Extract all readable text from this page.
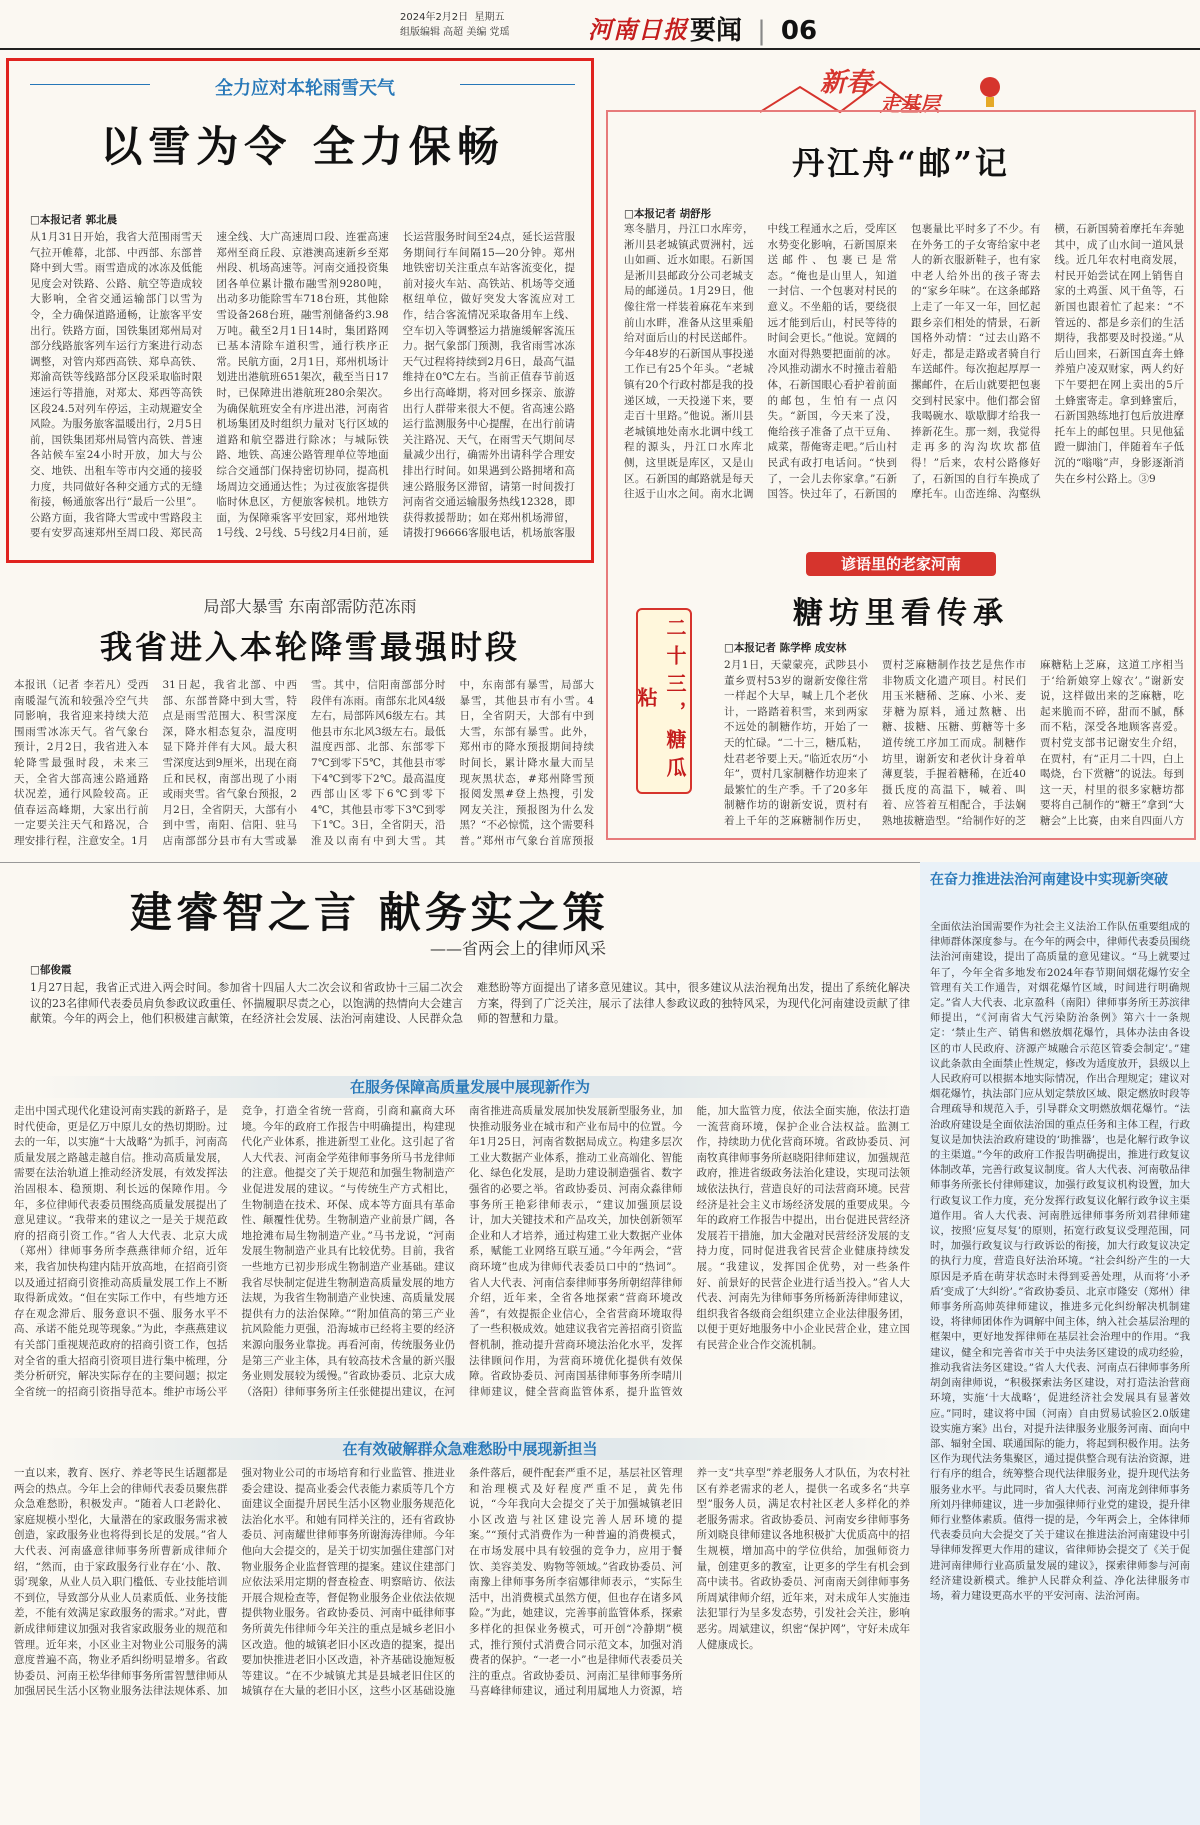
2024年2月2日 星期五
组版编辑 高超 美编 党瑶	河南日报 要闻 | 06
全力应对本轮雨雪天气
以雪为令 全力保畅
□本报记者 郭北晨
从1月31日开始，我省大范围雨雪天气拉开帷幕，北部、中西部、东部普降中到大雪。雨雪造成的冰冻及低能见度会对铁路、公路、航空等造成较大影响，全省交通运输部门以雪为令，全力确保道路通畅，让旅客平安出行。铁路方面，国铁集团郑州局对部分线路旅客列车运行方案进行动态调整，对管内郑西高铁、郑阜高铁、郑渝高铁等线路部分区段采取临时限速运行等措施，对郑太、郑西等高铁区段24.5对列车停运，主动规避安全风险。为服务旅客温暖出行，2月5日前，国铁集团郑州局管内高铁、普速各站候车室24小时开放，加大与公交、地铁、出租车等市内交通的接驳力度，共同做好各种交通方式的无缝衔接，畅通旅客出行“最后一公里”。公路方面，我省降大雪或中雪路段主要有安罗高速郑州至周口段、郑民高速全线、大广高速周口段、连霍高速郑州至商丘段、京港澳高速新乡至郑州段、机场高速等。河南交通投资集团各单位累计撒布融雪剂9280吨，出动多功能除雪车718台班，其他除雪设备268台班，融雪剂储备约3.98万吨。截至2月1日14时，集团路网已基本清除车道积雪，通行秩序正常。民航方面，2月1日，郑州机场计划进出港航班651架次，截至当日17时，已保障进出港航班280余架次。为确保航班安全有序进出港，河南省机场集团及时组织力量对飞行区域的道路和航空器进行除冰；与城际铁路、地铁、高速公路管理单位等地面综合交通部门保持密切协同，提高机场周边交通通达性；为过夜旅客提供临时休息区，方便旅客候机。地铁方面，为保障乘客平安回家，郑州地铁1号线、2号线、5号线2月4日前，延长运营服务时间至24点，延长运营服务期间行车间隔15—20分钟。郑州地铁密切关注重点车站客流变化，提前对接火车站、高铁站、机场等交通枢纽单位，做好突发大客流应对工作，结合客流情况采取备用车上线、空车切入等调整运力措施缓解客流压力。据气象部门预测，我省雨雪冰冻天气过程将持续到2月6日，最高气温维持在0℃左右。当前正值春节前返乡出行高峰期，将对回乡探亲、旅游出行人群带来很大不便。省高速公路运行监测服务中心提醒，在出行前请关注路况、天气，在雨雪天气期间尽量减少出行，确需外出请科学合理安排出行时间。如果遇到公路拥堵和高速公路服务区滞留，请第一时间拨打河南省交通运输服务热线12328，即获得救援帮助；如在郑州机场滞留，请拨打96666客服电话，机场旅客服
局部大暴雪 东南部需防范冻雨
我省进入本轮降雪最强时段
本报讯（记者 李若凡）受西南暖湿气流和较强冷空气共同影响，我省迎来持续大范围雨雪冰冻天气。省气象台预计，2月2日，我省进入本轮降雪最强时段，未来三天，全省大部高速公路通路状况差，通行风险较高。正值春运高峰期，大家出行前一定要关注天气和路况，合理安排行程，注意安全。1月31日起，我省北部、中西部、东部普降中到大雪，特点是雨雪范围大、积雪深度深，降水相态复杂，温度明显下降并伴有大风。最大积雪深度达到9厘米，出现在商丘和民权，南部出现了小雨或雨夹雪。省气象台预报，2月2日，全省阴天，大部有小到中雪，南阳、信阳、驻马店南部部分县市有大雪或暴雪。其中，信阳南部部分时段伴有冻雨。南部东北风4级左右，局部阵风6级左右。其他县市东北风3级左右。最低温度西部、北部、东部零下7℃到零下5℃，其他县市零下4℃到零下2℃。最高温度西部山区零下6℃到零下4℃，其他县市零下3℃到零下1℃。3日，全省阴天，沿淮及以南有中到大雪。其中，东南部有暴雪，局部大暴雪，其他县市有小雪。4日，全省阴天，大部有中到大雪，东部有暴雪。此外，郑州市的降水预报期间持续时间长，累计降水量大而呈现灰黑状态，#郑州降雪预报阅发黑#登上热搜，引发网友关注，预报图为什么发黑？“不必惊慌，这个需要科普。”郑州市气象台首席预报
新春
走基层
丹江舟“邮”记
□本报记者 胡舒彤
寒冬腊月，丹江口水库旁，淅川县老城镇武贾洲村，远山如画、近水如眼。石新国是淅川县邮政分公司老城支局的邮递员。1月29日，他像往常一样装着麻花车来到前山水畔，准备从这里乘船给对面后山的村民送邮件。今年48岁的石新国从事投递工作已有25个年头。“老城镇有20个行政村都是我的投递区域，一天投递下来，要走百十里路。”他说。淅川县老城镇地处南水北调中线工程的源头，丹江口水库北侧，这里既是库区，又是山区。石新国的邮路就是每天往返于山水之间。南水北调中线工程通水之后，受库区水势变化影响，石新国原来送邮件、包裹已是常态。“俺也是山里人，知道一封信、一个包裹对村民的意义。不坐船的话，要绕很远才能到后山，村民等待的时间会更长。”他说。宽阔的水面对得熟要把面前的冰。冷风推动湖水不时撞击着船体，石新国眼心看护着前面的邮包，生怕有一点闪失。“新国，今天来了没，俺给孩子准备了点干豆角、咸菜，帮俺寄走吧。”后山村民武有政打电话问。“快到了，一会儿去你家拿。”石新国答。快过年了，石新国的包裹量比平时多了不少。有在外务工的子女寄给家中老人的新衣服新鞋子，也有家中老人给外出的孩子寄去的“家乡年味”。在这条邮路上走了一年又一年，回忆起跟乡亲们相处的情景，石新国格外动情：“过去山路不好走，都是走路或者骑自行车送邮件。每次抱起厚厚一摞邮件，在后山就要把包裹交到村民家中。他们都会留我喝碗水、歇歇脚才给我一捧新花生。那一刻，我觉得走再多的沟沟坎坎都值得！”后来，农村公路修好了，石新国的自行车换成了摩托车。山峦连绵、沟壑纵横，石新国骑着摩托车奔驰其中，成了山水间一道风景线。近几年农村电商发展，村民开始尝试在网上销售自家的土鸡蛋、风干鱼等，石新国也跟着忙了起来：“不管远的、都是乡亲们的生活期待，我都要及时投递。”从后山回来，石新国直奔土蜂养殖户凌双财家，两人约好下午要把在网上卖出的5斤土蜂蜜寄走。拿到蜂蜜后，石新国熟练地打包后放进摩托车上的邮包里。只见他猛蹬一脚油门，伴随着车子低沉的“嗡嗡”声，身影逐渐消失在乡村公路上。③9
谚语里的老家河南
糖坊里看传承
二十三，糖瓜粘
□本报记者 陈学桦 成安林
2月1日，天蒙蒙亮，武陟县小董乡贾村53岁的谢新安像往常一样起个大早，喊上几个老伙计，一路踏着积雪，来到两家不远处的制糖作坊，开始了一天的忙碌。“二十三，糖瓜粘，灶君老爷要上天。”临近农历“小年”，贾村几家制糖作坊迎来了最繁忙的生产季。千了20多年制糖作坊的谢新安说，贾村有着上千年的芝麻糖制作历史，贾村芝麻糖制作技艺是焦作市非物质文化遗产项目。村民们用玉米糖稀、芝麻、小米、麦芽糖为原料，通过熬糖、出糖、拔糖、压糖、剪糖等十多道传统工序加工而成。制糖作坊里，谢新安和老伙计身着单薄夏装，手握着糖稀，在近40摄氏度的高温下，喊着、叫着、应答着互相配合，手法娴熟地拔糖造型。“给制作好的芝麻糖粘上芝麻，这道工序相当于‘给新娘穿上嫁衣’。”谢新安说，这样做出来的芝麻糖，吃起来脆而不碎，甜而不腻，酥而不粘，深受各地顾客喜爱。贾村党支部书记谢安生介绍，在贾村，有“正月二十四，白上喝烧，台下赏糖”的说法。每到这一天，村里的很多家糖坊都要将自己制作的“糖王”拿到“大糖会”上比赛，由来自四面八方
建睿智之言 献务实之策
——省两会上的律师风采
□郁俊霞
1月27日起，我省正式进入两会时间。参加省十四届人大二次会议和省政协十三届二次会议的23名律师代表委员肩负参政议政重任、怀揣履职尽责之心，以饱满的热情向大会建言献策。今年的两会上，他们积极建言献策，在经济社会发展、法治河南建设、人民群众急难愁盼等方面提出了诸多意见建议。其中，很多建议从法治视角出发，提出了系统化解决方案，得到了广泛关注，展示了法律人参政议政的独特风采，为现代化河南建设贡献了律师的智慧和力量。
在服务保障高质量发展中展现新作为
走出中国式现代化建设河南实践的新路子，是时代使命，更是亿万中原儿女的热切期盼。过去的一年，以实施“十大战略”为抓手，河南高质量发展之路越走越自信。推动高质量发展，需要在法治轨道上推动经济发展，有效发挥法治固根本、稳预期、利长远的保障作用。今年，多位律师代表委员围绕高质量发展提出了意见建议。“我带来的建议之一是关于规范政府的招商引资工作。”省人大代表、北京大成（郑州）律师事务所李燕燕律师介绍，近年来，我省加快构建内陆开放高地，在招商引资以及通过招商引资推动高质量发展工作上不断取得新成效。“但在实际工作中，有些地方还存在观念滞后、服务意识不强、服务水平不高、承诺不能兑现等现象。”为此，李燕燕建议有关部门重视规范政府的招商引资工作，包括对全省的重大招商引资项目进行集中梳理，分类分析研究，解决实际存在的主要问题；拟定全省统一的招商引资指导范本。维护市场公平竞争，打造全省统一营商，引商和赢商大环境。今年的政府工作报告中明确提出，构建现代化产业体系，推进新型工业化。这引起了省人大代表、河南金学苑律师事务所马书龙律师的注意。他提交了关于规范和加强生物制造产业促进发展的建议。“与传统生产方式相比，生物制造在技术、环保、成本等方面具有革命性、颠覆性优势。生物制造产业前景广阔，各地抢滩布局生物制造产业。”马书龙说，“河南发展生物制造产业具有比较优势。目前，我省一些地方已初步形成生物制造产业基础。建议我省尽快制定促进生物制造高质量发展的地方法规，为我省生物制造产业快速、高质量发展提供有力的法治保障。”“附加值高的第三产业抗风险能力更强，沿海城市已经将主要的经济来源向服务业靠拢。再看河南，传统服务业仍是第三产业主体，具有较高技术含量的新兴服务业则发展较为缓慢。”省政协委员、北京大成（洛阳）律师事务所主任张健提出建议，在河南省推进高质量发展加快发展新型服务业，加快推动服务业在城市和产业布局中的位置。今年1月25日，河南省数据局成立。构建多层次工业大数据产业体系，推动工业高端化、智能化、绿色化发展，是助力建设制造强省、数字强省的必要之举。省政协委员、河南众淼律师事务所王艳彩律师表示，“建议加强顶层设计，加大关键技术和产品攻关，加快创新领军企业和人才培养，通过构建工业大数据产业体系，赋能工业网络互联互通。”今年两会，“营商环境”也成为律师代表委员口中的“热词”。省人大代表、河南信泰律师事务所朝绍萍律师介绍，近年来，全省各地探索“营商环境改善”，有效提振企业信心，全省营商环境取得了一些积极成效。她建议我省完善招商引资监督机制，推动提升营商环境法治化水平，发挥法律顾问作用，为营商环境优化提供有效保障。省政协委员、河南国基律师事务所李晴川律师建议，健全营商监管体系，提升监管效能，加大监管力度，依法全面实施，依法打造一流营商环境，保护企业合法权益。监测工作，持续助力优化营商环境。省政协委员、河南牧真律师事务所赵晓阳律师建议，加强规范政府，推进省级政务法治化建设，实现司法领域依法执行，营造良好的司法营商环境。民营经济是社会主义市场经济发展的重要成果。今年的政府工作报告中提出，出台促进民营经济发展若干措施，加大金融对民营经济发展的支持力度，同时促进我省民营企业健康持续发展。“我建议，发挥国企优势，对一些条件好、前景好的民营企业进行适当投入。”省人大代表、河南先为律师事务所杨新涛律师建议，组织我省各级商会组织建立企业法律服务团，以便于更好地服务中小企业民营企业，建立国有民营企业合作交流机制。
在有效破解群众急难愁盼中展现新担当
一直以来，教育、医疗、养老等民生话题都是两会的热点。今年上会的律师代表委员聚焦群众急难愁盼，积极发声。“随着人口老龄化、家庭规模小型化，大量潜在的家政服务需求被创造，家政服务业也将得到长足的发展。”省人大代表、河南盛意律师事务所曹新成律师介绍，“然而，由于家政服务行业存在‘小、散、弱’现象，从业人员入职门槛低、专业技能培训不到位，导致部分从业人员素质低、业务技能差，不能有效满足家政服务的需求。”对此，曹新成律师建议加强对我省家政服务业的规范和管理。近年来，小区业主对物业公司服务的满意度普遍不高，物业矛盾纠纷明显增多。省政协委员、河南王松华律师事务所雷智慧律师从加强居民生活小区物业服务法律法规体系、加强对物业公司的市场培育和行业监管、推进业委会建设、提高业委会代表能力素质等几个方面建议全面提升居民生活小区物业服务规范化法治化水平。和她有同样关注的，还有省政协委员、河南耀世律师事务所谢海涛律师。今年他向大会提交的，是关于切实加强住建部门对物业服务企业监督管理的提案。建议住建部门应依法采用定期的督查检查、明察暗访、依法开展合规检查等，督促物业服务企业依法依规提供物业服务。省政协委员、河南中砥律师事务所黄先伟律师今年关注的重点是城乡老旧小区改造。他的城镇老旧小区改造的提案，提出要加快推进老旧小区改造，补齐基础设施短板等建议。“在不少城镇尤其是县城老旧住区的城镇存在大量的老旧小区，这些小区基础设施条件落后，硬件配套严重不足，基层社区管理和治理模式及好程度严重不足，黄先伟说，“今年我向大会提交了关于加强城镇老旧小区改造与社区建设完善人居环境的提案。”“预付式消费作为一种普遍的消费模式，在市场发展中具有较强的竞争力，应用于餐饮、美容美发、购物等领域。”省政协委员、河南豫上律师事务所李宿娜律师表示，“实际生活中，出消费模式虽然方便，但也存在诸多风险。”为此，她建议，完善事前监管体系，探索多样化的担保业务模式，可开创“冷静期”模式，推行预付式消费合同示范文本，加强对消费者的保护。“一老一小”也是律师代表委员关注的重点。省政协委员、河南汇星律师事务所马喜峰律师建议，通过利用属地人力资源，培养一支“共享型”养老服务人才队伍，为农村社区有养老需求的老人，提供一名或多名“共享型”服务人员，满足农村社区老人多样化的养老服务需求。省政协委员、河南安乡律师事务所刘晓良律师建议各地积极扩大优质高中的招生规模，增加高中的学位供给，加强师资力量，创建更多的教室，让更多的学生有机会到高中读书。省政协委员、河南南天剑律师事务所周斌律师介绍，近年来，对未成年人实施违法犯罪行为呈多发态势，引发社会关注，影响恶劣。周斌建议，织密“保护网”，守好未成年人健康成长。
在奋力推进法治河南建设中实现新突破
全面依法治国需要作为社会主义法治工作队伍重要组成的律师群体深度参与。在今年的两会中，律师代表委员围绕法治河南建设，提出了高质量的意见建议。“马上就要过年了，今年全省多地发布2024年春节期间烟花爆竹安全管理有关工作通告，对烟花爆竹区域，时间进行明确规定。”省人大代表、北京盈科（南阳）律师事务所王苏滨律师提出，“《河南省大气污染防治条例》第六十一条规定：‘禁止生产、销售和燃放烟花爆竹，具体办法由各设区的市人民政府、济源产城融合示范区管委会制定’。”建议此条款由全面禁止性规定，修改为适度放开，县级以上人民政府可以根据本地实际情况，作出合理规定；建议对烟花爆竹，执法部门应从划定禁放区域、限定燃放时段等合理疏导和规范入手，引导群众文明燃放烟花爆竹。“法治政府建设是全面依法治国的重点任务和主体工程，行政复议是加快法治政府建设的‘助推器’，也是化解行政争议的主渠道。”今年的政府工作报告明确提出，推进行政复议体制改革，完善行政复议制度。省人大代表、河南敬品律师事务所张长付律师建议，加强行政复议机构设置，加大行政复议工作力度，充分发挥行政复议化解行政争议主渠道作用。省人大代表、河南胜远律师事务所刘君律师建议，按照‘应复尽复’的原则，拓宽行政复议受理范围，同时，加强行政复议与行政诉讼的衔接，加大行政复议决定的执行力度，营造良好法治环境。“社会纠纷产生的一大原因是矛盾在萌芽状态时未得到妥善处理，从而将‘小矛盾’变成了‘大纠纷’。”省政协委员、北京市隆安（郑州）律师事务所高帅英律师建议，推进多元化纠纷解决机制建设，将律师团体作为调解中间主体，纳入社会基层治理的框架中，更好地发挥律师在基层社会治理中的作用。“我建议，健全和完善省市关于中央法务区建设的成功经验，推动我省法务区建设。”省人大代表、河南点石律师事务所胡剑南律师说，“积极探索法务区建设，对打造法治营商环境，实施‘十大战略’，促进经济社会发展具有显著效应。”同时，建议将中国（河南）自由贸易试验区2.0版建设实施方案》出台，对提升法律服务业服务河南、面向中部、辐射全国、联通国际的能力，将起到积极作用。法务区作为现代法务集聚区，通过提供整合现有法治资源，进行有序的组合，统筹整合现代法律服务业，提升现代法务服务业水平。与此同时，省人大代表、河南龙剑律师事务所刘丹律师建议，进一步加强律师行业党的建设，提升律师行业整体素质。值得一提的是，今年两会上，全体律师代表委员向大会提交了关于建议在推进法治河南建设中引导律师发挥更大作用的建议，省律师协会提交了《关于促进河南律师行业高质量发展的建议》，探索律师参与河南经济建设新模式。维护人民群众利益、净化法律服务市场，着力建设更高水平的平安河南、法治河南。
